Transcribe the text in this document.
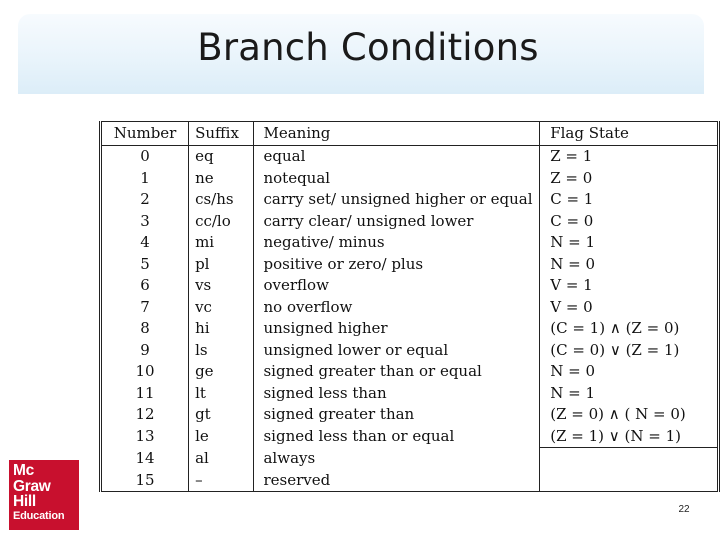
Branch Conditions
Number	Suffix	Meaning	Flag State
0	eq	equal	Z = 1
1	ne	notequal	Z = 0
2	cs/hs	carry set/ unsigned higher or equal	C = 1
3	cc/lo	carry clear/ unsigned lower	C = 0
4	mi	negative/ minus	N = 1
5	pl	positive or zero/ plus	N = 0
6	vs	overflow	V = 1
7	vc	no overflow	V = 0
8	hi	unsigned higher	(C = 1) ∧ (Z = 0)
9	ls	unsigned lower or equal	(C = 0) ∨ (Z = 1)
10	ge	signed greater than or equal	N = 0
11	lt	signed less than	N = 1
12	gt	signed greater than	(Z = 0) ∧ ( N = 0)
13	le	signed less than or equal	(Z = 1) ∨ (N = 1)
14	al	always	
15	–	reserved	
Mc
Graw
Hill
Education	22
